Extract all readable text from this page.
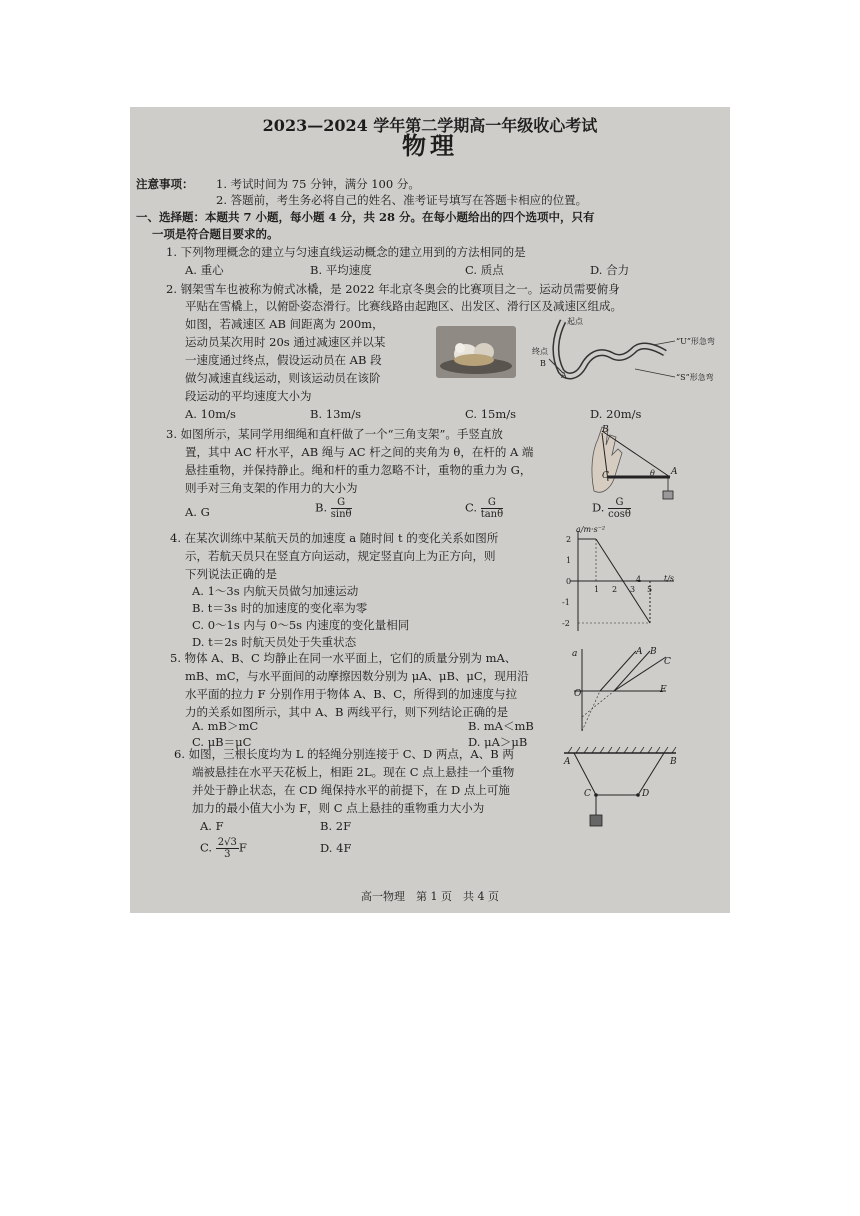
2023—2024 学年第二学期高一年级收心考试
物理
注意事项： 1. 考试时间为 75 分钟，满分 100 分。
2. 答题前，考生务必将自己的姓名、准考证号填写在答题卡相应的位置。
一、选择题：本题共 7 小题，每小题 4 分，共 28 分。在每小题给出的四个选项中，只有
一项是符合题目要求的。
1. 下列物理概念的建立与匀速直线运动概念的建立用到的方法相同的是
A. 重心	B. 平均速度	C. 质点	D. 合力
2. 钢架雪车也被称为俯式冰橇，是 2022 年北京冬奥会的比赛项目之一。运动员需要俯身
平贴在雪橇上，以俯卧姿态滑行。比赛线路由起跑区、出发区、滑行区及减速区组成。
如图，若减速区 AB 间距离为 200m，
运动员某次用时 20s 通过减速区并以某
一速度通过终点，假设运动员在 AB 段
做匀减速直线运动，则该运动员在该阶
段运动的平均速度大小为
起点
终点
“U”形急弯
“S”形急弯
B
A
A. 10m/s	B. 13m/s	C. 15m/s	D. 20m/s
3. 如图所示，某同学用细绳和直杆做了一个“三角支架”。手竖直放
置，其中 AC 杆水平，AB 绳与 AC 杆之间的夹角为 θ，在杆的 A 端
悬挂重物，并保持静止。绳和杆的重力忽略不计，重物的重力为 G，
则手对三角支架的作用力的大小为
B
C	A
θ
A. G	B. $\frac{G}{\sin\theta}$	C. $\frac{G}{\tan\theta}$	D. $\frac{G}{\cos\theta}$
4. 在某次训练中某航天员的加速度 a 随时间 t 的变化关系如图所
示，若航天员只在竖直方向运动，规定竖直向上为正方向，则
下列说法正确的是
A. 1～3s 内航天员做匀加速运动
B. t＝3s 时的加速度的变化率为零
C. 0～1s 内与 0～5s 内速度的变化量相同
D. t＝2s 时航天员处于失重状态
a/m·s⁻²
t/s
2
1
0
-1
-2
1 2 3
4
5
5. 物体 A、B、C 均静止在同一水平面上，它们的质量分别为 mA、
mB、mC，与水平面间的动摩擦因数分别为 μA、μB、μC，现用沿
水平面的拉力 F 分别作用于物体 A、B、C，所得到的加速度与拉
力的关系如图所示，其中 A、B 两线平行，则下列结论正确的是
A. mB＞mC	B. mA＜mB
C. μB＝μC	D. μA＞μB
a	A B
C
F
O
6. 如图，三根长度均为 L 的轻绳分别连接于 C、D 两点，A、B 两
端被悬挂在水平天花板上，相距 2L。现在 C 点上悬挂一个重物
并处于静止状态，在 CD 绳保持水平的前提下，在 D 点上可施
加力的最小值大小为 F，则 C 点上悬挂的重物重力大小为
A. F	B. 2F
C. $\frac{2√3}{3}$ F	D. 4F
A	B
C	D
高一物理　第 1 页　共 4 页
